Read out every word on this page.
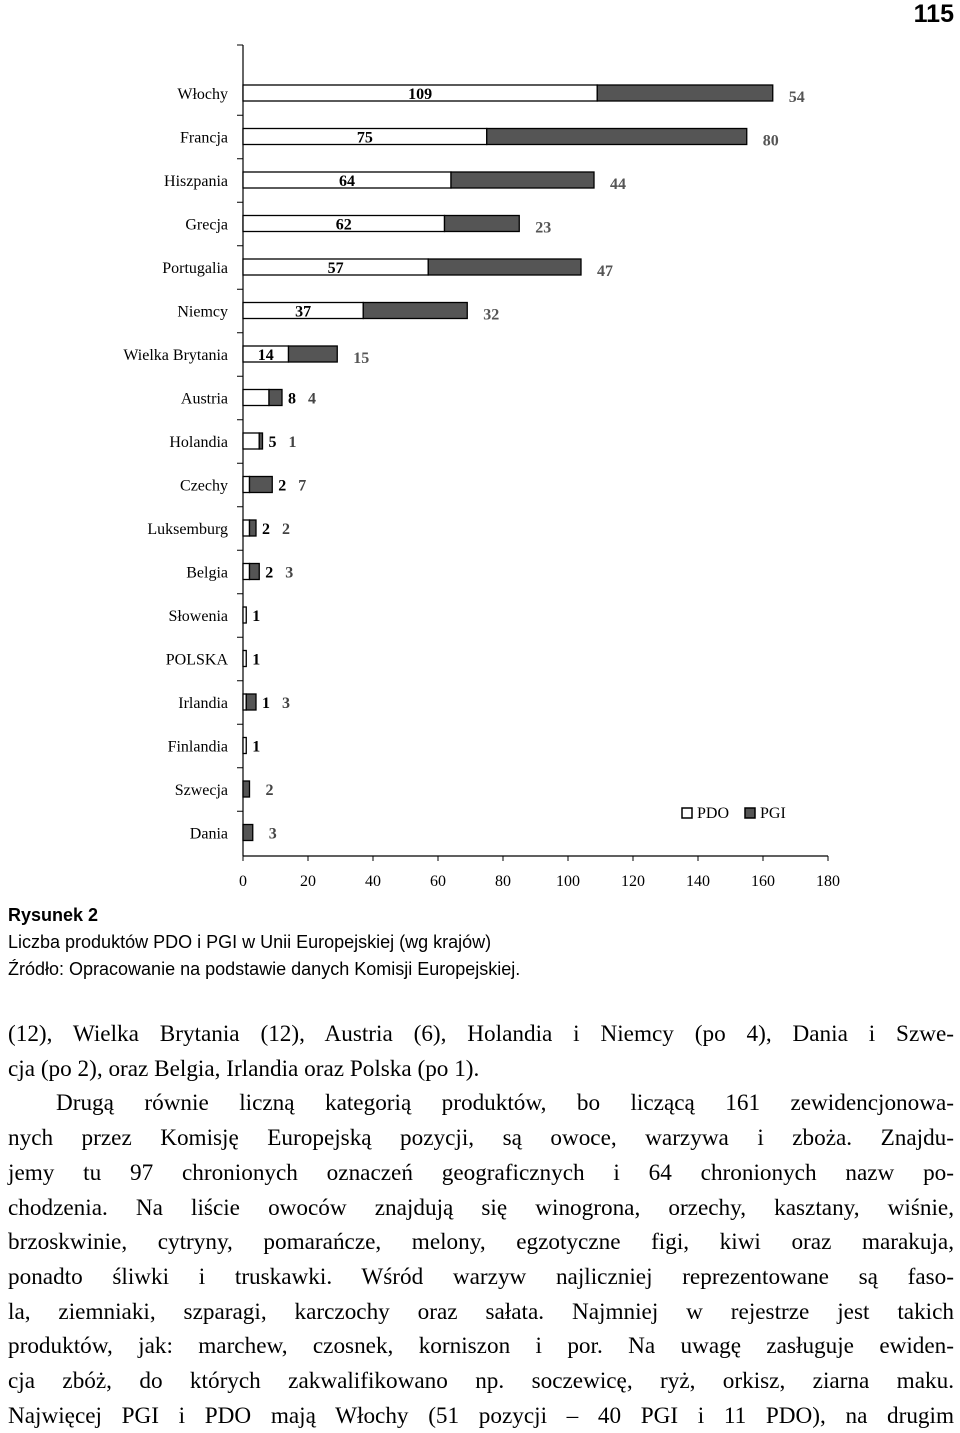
115
Włochy
Francja
Hiszpania
Grecja
Portugalia
Niemcy
Wielka Brytania
Austria
Holandia
Czechy
Luksemburg
Belgia
Słowenia
POLSKA
Irlandia
Finlandia
Szwecja
Dania
109	54
75	80
64	44
62	23
57	47
37	32
14	15
8 4
5 1
2 7
2 2
2 3
1
1
1 3
1
2
3
0	20	40	60	80	100	120	140	160	180
PDO PGI
Rysunek 2
Liczba produktów PDO i PGI w Unii Europejskiej (wg krajów)
Źródło: Opracowanie na podstawie danych Komisji Europejskiej.

(12), Wielka Brytania (12), Austria (6), Holandia i Niemcy (po 4), Dania i Szwe-

cja (po 2), oraz Belgia, Irlandia oraz Polska (po 1).

Drugą równie liczną kategorią produktów, bo liczącą 161 zewidencjonowa-

nych przez Komisję Europejską pozycji, są owoce, warzywa i zboża. Znajdu-

jemy tu 97 chronionych oznaczeń geograficznych i 64 chronionych nazw po-

chodzenia. Na liście owoców znajdują się winogrona, orzechy, kasztany, wiśnie,

brzoskwinie, cytryny, pomarańcze, melony, egzotyczne figi, kiwi oraz marakuja,

ponadto śliwki i truskawki. Wśród warzyw najliczniej reprezentowane są faso-

la, ziemniaki, szparagi, karczochy oraz sałata. Najmniej w rejestrze jest takich

produktów, jak: marchew, czosnek, korniszon i por. Na uwagę zasługuje ewiden-

cja zbóż, do których zakwalifikowano np. soczewicę, ryż, orkisz, ziarna maku.

Najwięcej PGI i PDO mają Włochy (51 pozycji – 40 PGI i 11 PDO), na drugim
